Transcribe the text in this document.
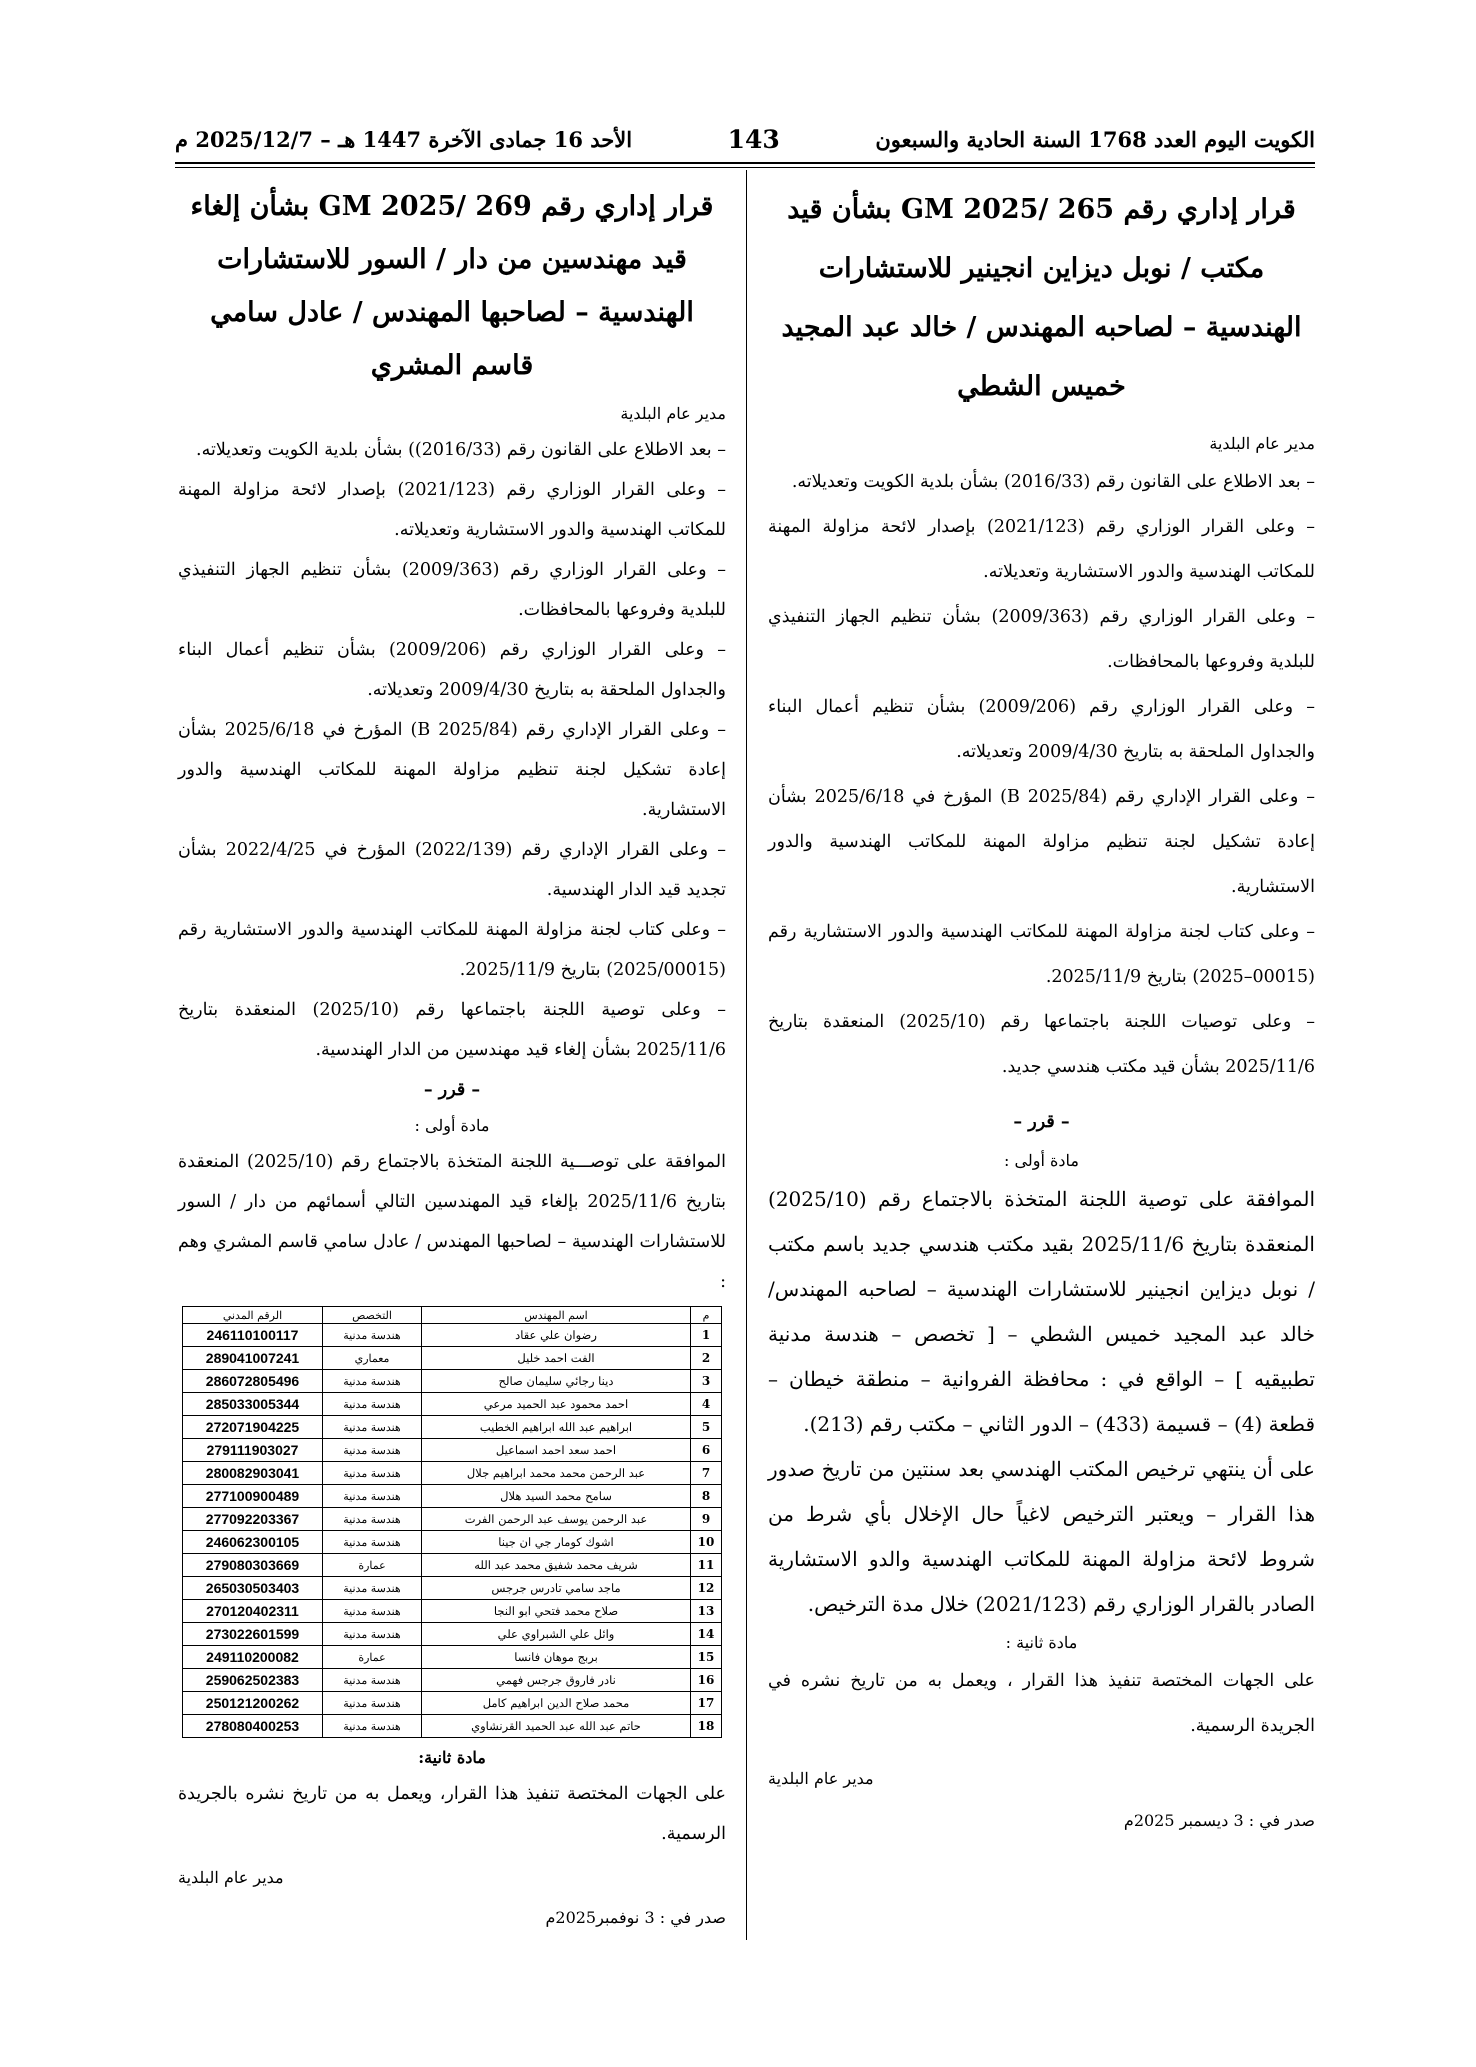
الكويت اليوم العدد 1768 السنة الحادية والسبعون
143
الأحد 16 جمادى الآخرة 1447 هـ – 2025/12/7 م
قرار إداري رقم 265 /GM 2025 بشأن قيد مكتب / نوبل ديزاين انجينير للاستشارات الهندسية – لصاحبه المهندس / خالد عبد المجيد خميس الشطي

مدير عام البلدية

– بعد الاطلاع على القانون رقم (2016/33) بشأن بلدية الكويت وتعديلاته.

– وعلى القرار الوزاري رقم (2021/123) بإصدار لائحة مزاولة المهنة للمكاتب الهندسية والدور الاستشارية وتعديلاته.

– وعلى القرار الوزاري رقم (2009/363) بشأن تنظيم الجهاز التنفيذي للبلدية وفروعها بالمحافظات.

– وعلى القرار الوزاري رقم (2009/206) بشأن تنظيم أعمال البناء والجداول الملحقة به بتاريخ 2009/4/30 وتعديلاته.

– وعلى القرار الإداري رقم (B 2025/84) المؤرخ في 2025/6/18 بشأن إعادة تشكيل لجنة تنظيم مزاولة المهنة للمكاتب الهندسية والدور الاستشارية.

– وعلى كتاب لجنة مزاولة المهنة للمكاتب الهندسية والدور الاستشارية رقم (00015–2025) بتاريخ 2025/11/9.

– وعلى توصيات اللجنة باجتماعها رقم (2025/10) المنعقدة بتاريخ 2025/11/6 بشأن قيد مكتب هندسي جديد.

– قرر –

مادة أولى :

الموافقة على توصية اللجنة المتخذة بالاجتماع رقم (2025/10) المنعقدة بتاريخ 2025/11/6 بقيد مكتب هندسي جديد باسم مكتب / نوبل ديزاين انجينير للاستشارات الهندسية – لصاحبه المهندس/ خالد عبد المجيد خميس الشطي – [ تخصص – هندسة مدنية تطبيقيه ] – الواقع في : محافظة الفروانية – منطقة خيطان – قطعة (4) – قسيمة (433) – الدور الثاني – مكتب رقم (213).

على أن ينتهي ترخيص المكتب الهندسي بعد سنتين من تاريخ صدور هذا القرار – ويعتبر الترخيص لاغياً حال الإخلال بأي شرط من شروط لائحة مزاولة المهنة للمكاتب الهندسية والدو الاستشارية الصادر بالقرار الوزاري رقم (2021/123) خلال مدة الترخيص.

مادة ثانية :

على الجهات المختصة تنفيذ هذا القرار ، ويعمل به من تاريخ نشره في الجريدة الرسمية.

مدير عام البلدية

صدر في : 3 ديسمبر 2025م

قرار إداري رقم 269 /GM 2025 بشأن إلغاء قيد مهندسين من دار / السور للاستشارات الهندسية – لصاحبها المهندس / عادل سامي قاسم المشري

مدير عام البلدية

– بعد الاطلاع على القانون رقم (2016/33)) بشأن بلدية الكويت وتعديلاته.

– وعلى القرار الوزاري رقم (2021/123) بإصدار لائحة مزاولة المهنة للمكاتب الهندسية والدور الاستشارية وتعديلاته.

– وعلى القرار الوزاري رقم (2009/363) بشأن تنظيم الجهاز التنفيذي للبلدية وفروعها بالمحافظات.

– وعلى القرار الوزاري رقم (2009/206) بشأن تنظيم أعمال البناء والجداول الملحقة به بتاريخ 2009/4/30 وتعديلاته.

– وعلى القرار الإداري رقم (B 2025/84) المؤرخ في 2025/6/18 بشأن إعادة تشكيل لجنة تنظيم مزاولة المهنة للمكاتب الهندسية والدور الاستشارية.

– وعلى القرار الإداري رقم (2022/139) المؤرخ في 2022/4/25 بشأن تجديد قيد الدار الهندسية.

– وعلى كتاب لجنة مزاولة المهنة للمكاتب الهندسية والدور الاستشارية رقم (2025/00015) بتاريخ 2025/11/9.

– وعلى توصية اللجنة باجتماعها رقم (2025/10) المنعقدة بتاريخ 2025/11/6 بشأن إلغاء قيد مهندسين من الدار الهندسية.

– قرر –

مادة أولى :

الموافقة على توصـــية اللجنة المتخذة بالاجتماع رقم (2025/10) المنعقدة بتاريخ 2025/11/6 بإلغاء قيد المهندسين التالي أسمائهم من دار / السور للاستشارات الهندسية – لصاحبها المهندس / عادل سامي قاسم المشري وهم :

م	اسم المهندس	التخصص	الرقم المدني
1	رضوان علي عقاد	هندسة مدنية	246110100117
2	الفت احمد خليل	معماري	289041007241
3	دينا رجائي سليمان صالح	هندسة مدنية	286072805496
4	احمد محمود عبد الحميد مرعي	هندسة مدنية	285033005344
5	ابراهيم عبد الله ابراهيم الخطيب	هندسة مدنية	272071904225
6	احمد سعد احمد اسماعيل	هندسة مدنية	279111903027
7	عبد الرحمن محمد محمد ابراهيم جلال	هندسة مدنية	280082903041
8	سامح محمد السيد هلال	هندسة مدنية	277100900489
9	عبد الرحمن يوسف عبد الرحمن الفرت	هندسة مدنية	277092203367
10	اشوك كومار جي ان جينا	هندسة مدنية	246062300105
11	شريف محمد شفيق محمد عبد الله	عمارة	279080303669
12	ماجد سامي تادرس جرجس	هندسة مدنية	265030503403
13	صلاح محمد فتحي ابو النجا	هندسة مدنية	270120402311
14	وائل علي الشبراوي علي	هندسة مدنية	273022601599
15	بربج موهان فانسا	عمارة	249110200082
16	نادر فاروق جرجس فهمي	هندسة مدنية	259062502383
17	محمد صلاح الدين ابراهيم كامل	هندسة مدنية	250121200262
18	حاتم عبد الله عبد الحميد القرنشاوي	هندسة مدنية	278080400253

مادة ثانية:

على الجهات المختصة تنفيذ هذا القرار، ويعمل به من تاريخ نشره بالجريدة الرسمية.

مدير عام البلدية

صدر في : 3 نوفمبر2025م
